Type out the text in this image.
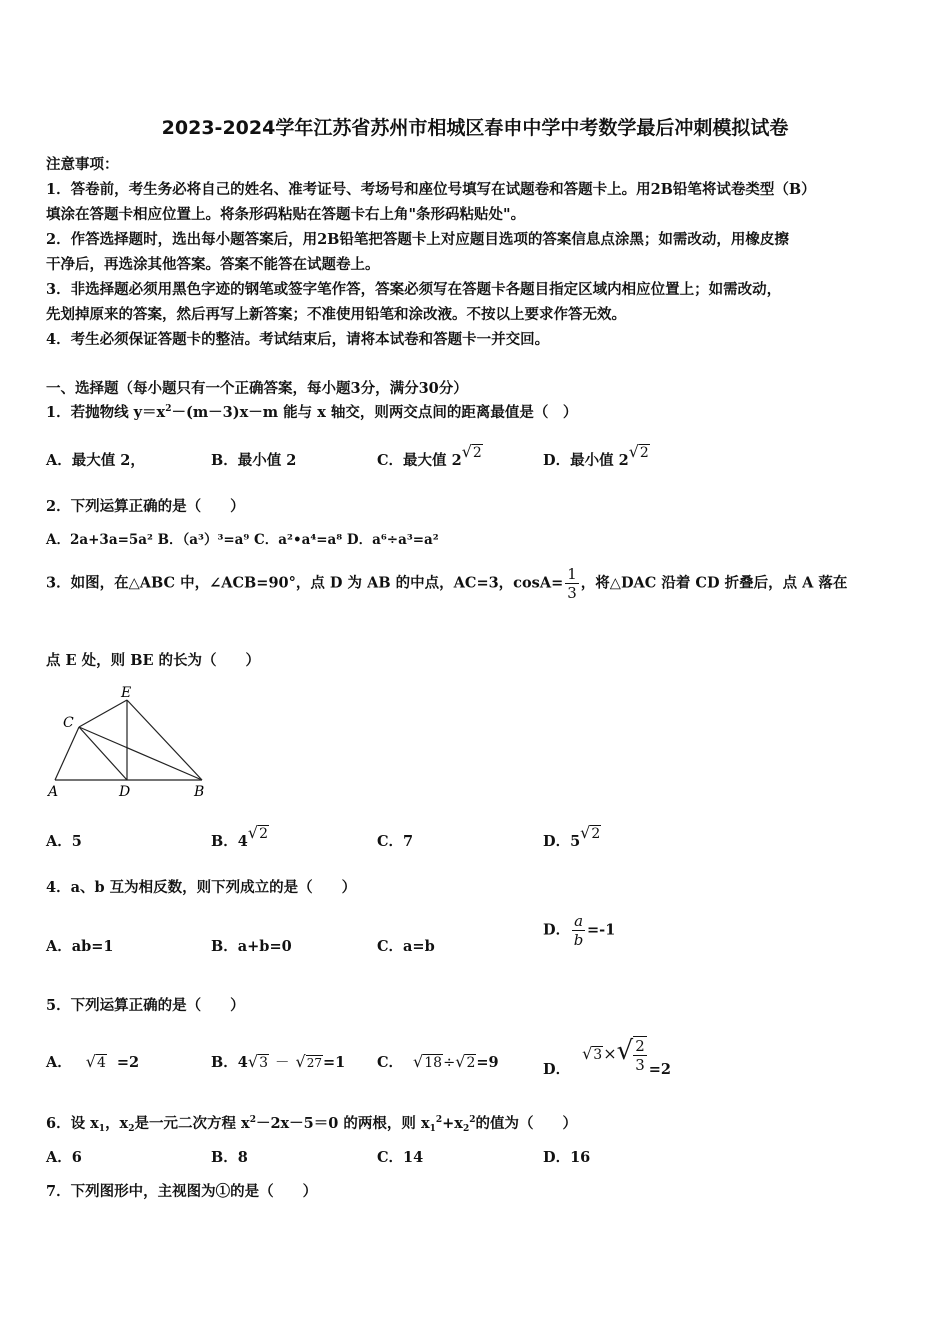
2023-2024学年江苏省苏州市相城区春申中学中考数学最后冲刺模拟试卷
注意事项：
1．答卷前，考生务必将自己的姓名、准考证号、考场号和座位号填写在试题卷和答题卡上。用2B铅笔将试卷类型（B）
填涂在答题卡相应位置上。将条形码粘贴在答题卡右上角"条形码粘贴处"。
2．作答选择题时，选出每小题答案后，用2B铅笔把答题卡上对应题目选项的答案信息点涂黑；如需改动，用橡皮擦
干净后，再选涂其他答案。答案不能答在试题卷上。
3．非选择题必须用黑色字迹的钢笔或签字笔作答，答案必须写在答题卡各题目指定区域内相应位置上；如需改动，
先划掉原来的答案，然后再写上新答案；不准使用铅笔和涂改液。不按以上要求作答无效。
4．考生必须保证答题卡的整洁。考试结束后，请将本试卷和答题卡一并交回。
一、选择题（每小题只有一个正确答案，每小题3分，满分30分）
1．若抛物线 $y=x^2-(m-3)x-m$ 能与 x 轴交，则两交点间的距离最值是（　）
A．最大值 2，	B．最小值 2	C．最大值 2√2	D．最小值 2√2
2．下列运算正确的是（　　）
A．2a+3a=5a² B．（a³）³=a⁹ C．a²•a⁴=a⁸ D．a⁶÷a³=a²
3．如图，在△ABC 中，∠ACB=90°，点 D 为 AB 的中点，AC=3，$\cos A= \frac{1}{3}$ ，将△DAC 沿着 CD 折叠后，点 A 落在
点 E 处，则 BE 的长为（　　）
A	D	B
C
E
A．5	B．4√2	C．7	D．5√2
4．a、b 互为相反数，则下列成立的是（　　）
A．ab=1	B．a+b=0	C．a=b
D． $\frac{a}{b} =-1$
5．下列运算正确的是（　　）
A． √4 =2	B．4√3 － √27=1 C． √18÷√2=9	D．$√3\times√ \frac{2}{3} =2$
6．设 $x_1$，$x_2$是一元二次方程 $x^2-2x-5=0$ 的两根，则 $x_1^2+x_2^2$的值为（　　）
A．6	B．8	C．14	D．16
7．下列图形中，主视图为①的是（　　）
